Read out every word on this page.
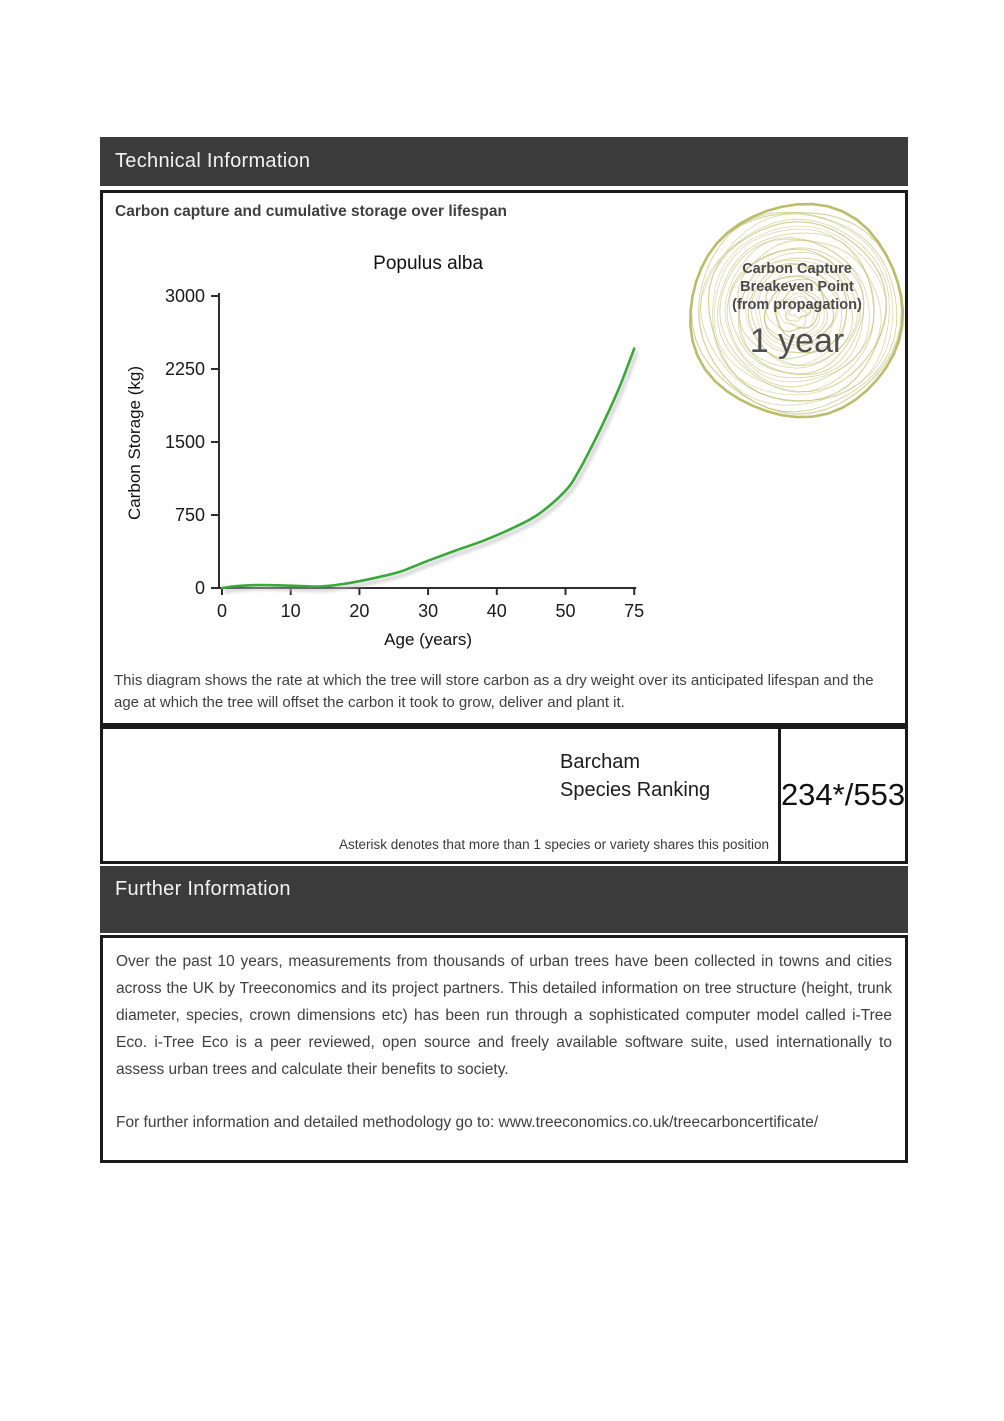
Technical Information
Carbon capture and cumulative storage over lifespan
0	10	20	30	40	50	75
0
750
1500
2250
3000
Populus alba
Age (years)
Carbon Storage (kg)
Carbon Capture
Breakeven Point
(from propagation)
1 year
This diagram shows the rate at which the tree will store carbon as a dry weight over its anticipated lifespan and the age at which the tree will offset the carbon it took to grow, deliver and plant it.
Barcham
Species Ranking
Asterisk denotes that more than 1 species or variety shares this position
234*/553
Further Information

Over the past 10 years, measurements from thousands of urban trees have been collected in towns and cities across the UK by Treeconomics and its project partners. This detailed information on tree structure (height, trunk diameter, species, crown dimensions etc) has been run through a sophisticated computer model called i-Tree Eco. i-Tree Eco is a peer reviewed, open source and freely available software suite, used internationally to assess urban trees and calculate their benefits to society.

For further information and detailed methodology go to: www.treeconomics.co.uk/treecarboncertificate/
